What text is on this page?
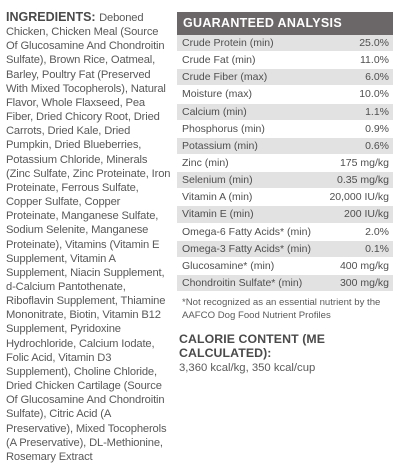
INGREDIENTS: Deboned Chicken, Chicken Meal (Source Of Glucosamine And Chondroitin Sulfate), Brown Rice, Oatmeal, Barley, Poultry Fat (Preserved With Mixed Tocopherols), Natural Flavor, Whole Flaxseed, Pea Fiber, Dried Chicory Root, Dried Carrots, Dried Kale, Dried Pumpkin, Dried Blueberries, Potassium Chloride, Minerals (Zinc Sulfate, Zinc Proteinate, Iron Proteinate, Ferrous Sulfate, Copper Sulfate, Copper Proteinate, Manganese Sulfate, Sodium Selenite, Manganese Proteinate), Vitamins (Vitamin E Supplement, Vitamin A Supplement, Niacin Supplement, d-Calcium Pantothenate, Riboflavin Supplement, Thiamine Mononitrate, Biotin, Vitamin B12 Supplement, Pyridoxine Hydrochloride, Calcium Iodate, Folic Acid, Vitamin D3 Supplement), Choline Chloride, Dried Chicken Cartilage (Source Of Glucosamine And Chondroitin Sulfate), Citric Acid (A Preservative), Mixed Tocopherols (A Preservative), DL-Methionine, Rosemary Extract
GUARANTEED ANALYSIS
Crude Protein (min)	25.0%
Crude Fat (min)	11.0%
Crude Fiber (max)	6.0%
Moisture (max)	10.0%
Calcium (min)	1.1%
Phosphorus (min)	0.9%
Potassium (min)	0.6%
Zinc (min)	175 mg/kg
Selenium (min)	0.35 mg/kg
Vitamin A (min)	20,000 IU/kg
Vitamin E (min)	200 IU/kg
Omega-6 Fatty Acids* (min)	2.0%
Omega-3 Fatty Acids* (min)	0.1%
Glucosamine* (min)	400 mg/kg
Chondroitin Sulfate* (min)	300 mg/kg
*Not recognized as an essential nutrient by the AAFCO Dog Food Nutrient Profiles
CALORIE CONTENT (ME CALCULATED):
3,360 kcal/kg, 350 kcal/cup
